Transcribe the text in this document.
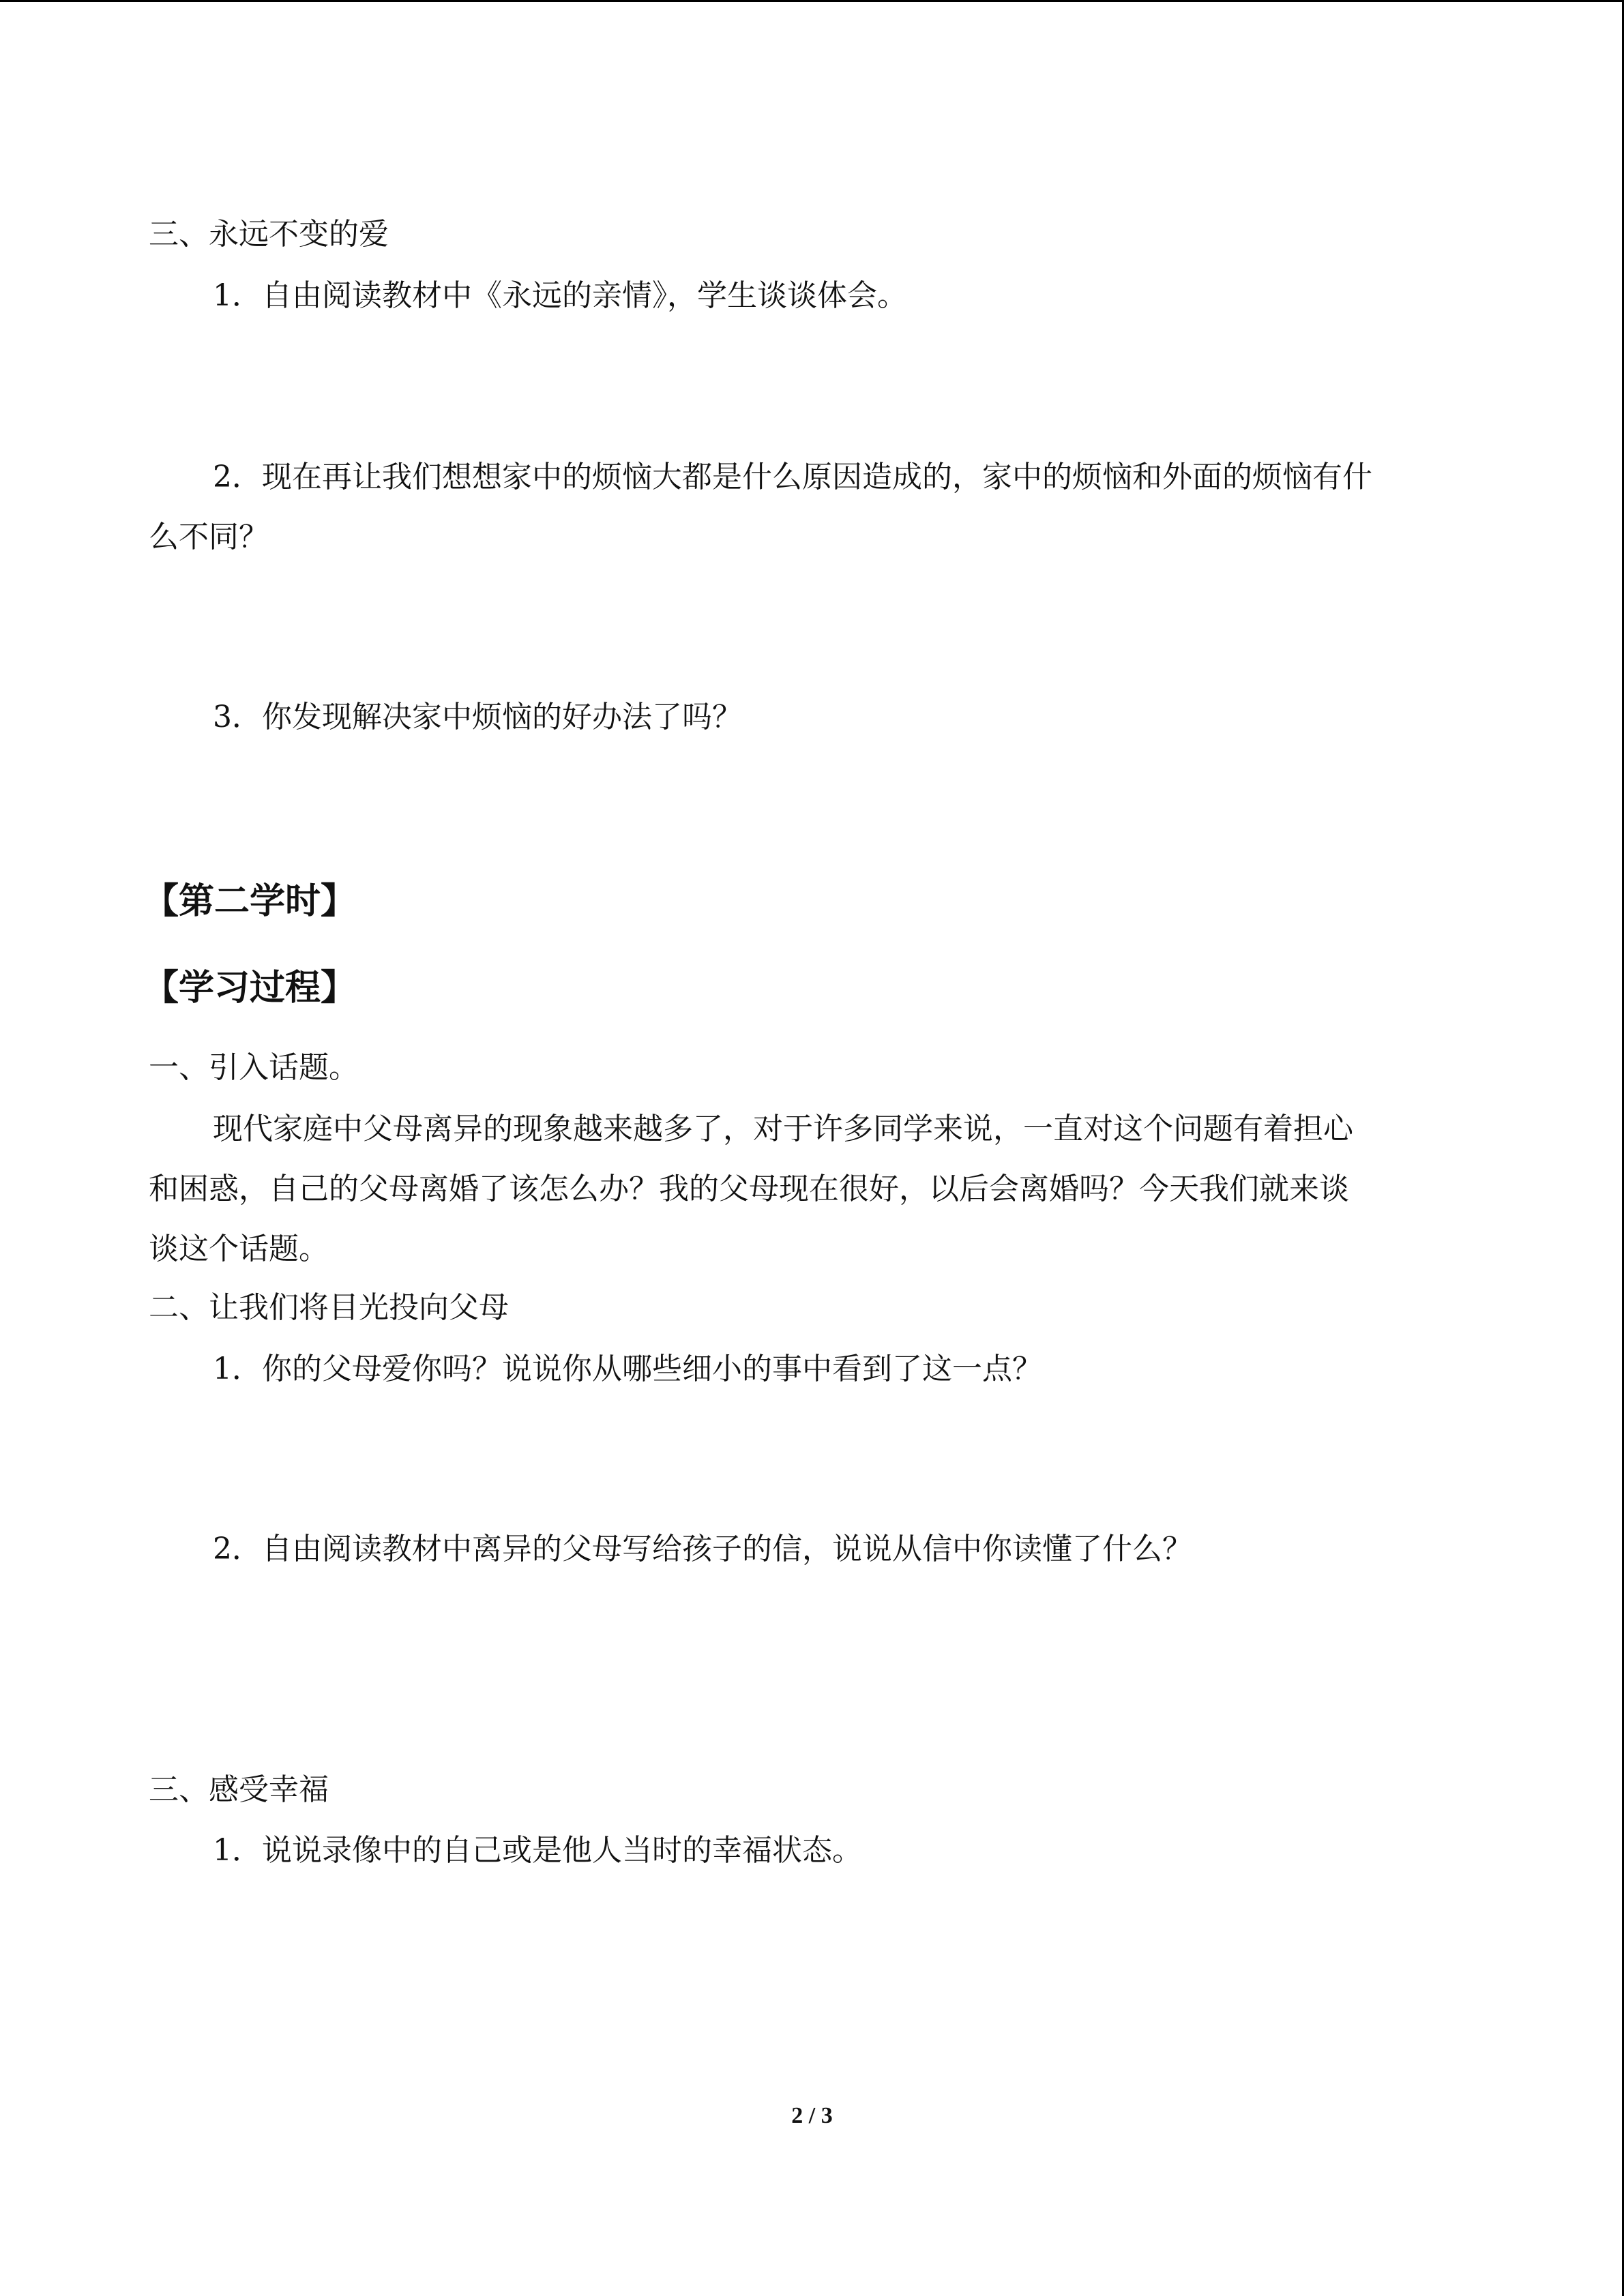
三、永远不变的爱
1．自由阅读教材中《永远的亲情》，学生谈谈体会。
2．现在再让我们想想家中的烦恼大都是什么原因造成的，家中的烦恼和外面的烦恼有什
么不同？
3．你发现解决家中烦恼的好办法了吗？
【第二学时】
【学习过程】
一、引入话题。
现代家庭中父母离异的现象越来越多了，对于许多同学来说，一直对这个问题有着担心
和困惑，自己的父母离婚了该怎么办？我的父母现在很好，以后会离婚吗？今天我们就来谈
谈这个话题。
二、让我们将目光投向父母
1．你的父母爱你吗？说说你从哪些细小的事中看到了这一点？
2．自由阅读教材中离异的父母写给孩子的信，说说从信中你读懂了什么？
三、感受幸福
1．说说录像中的自己或是他人当时的幸福状态。
2 / 3
